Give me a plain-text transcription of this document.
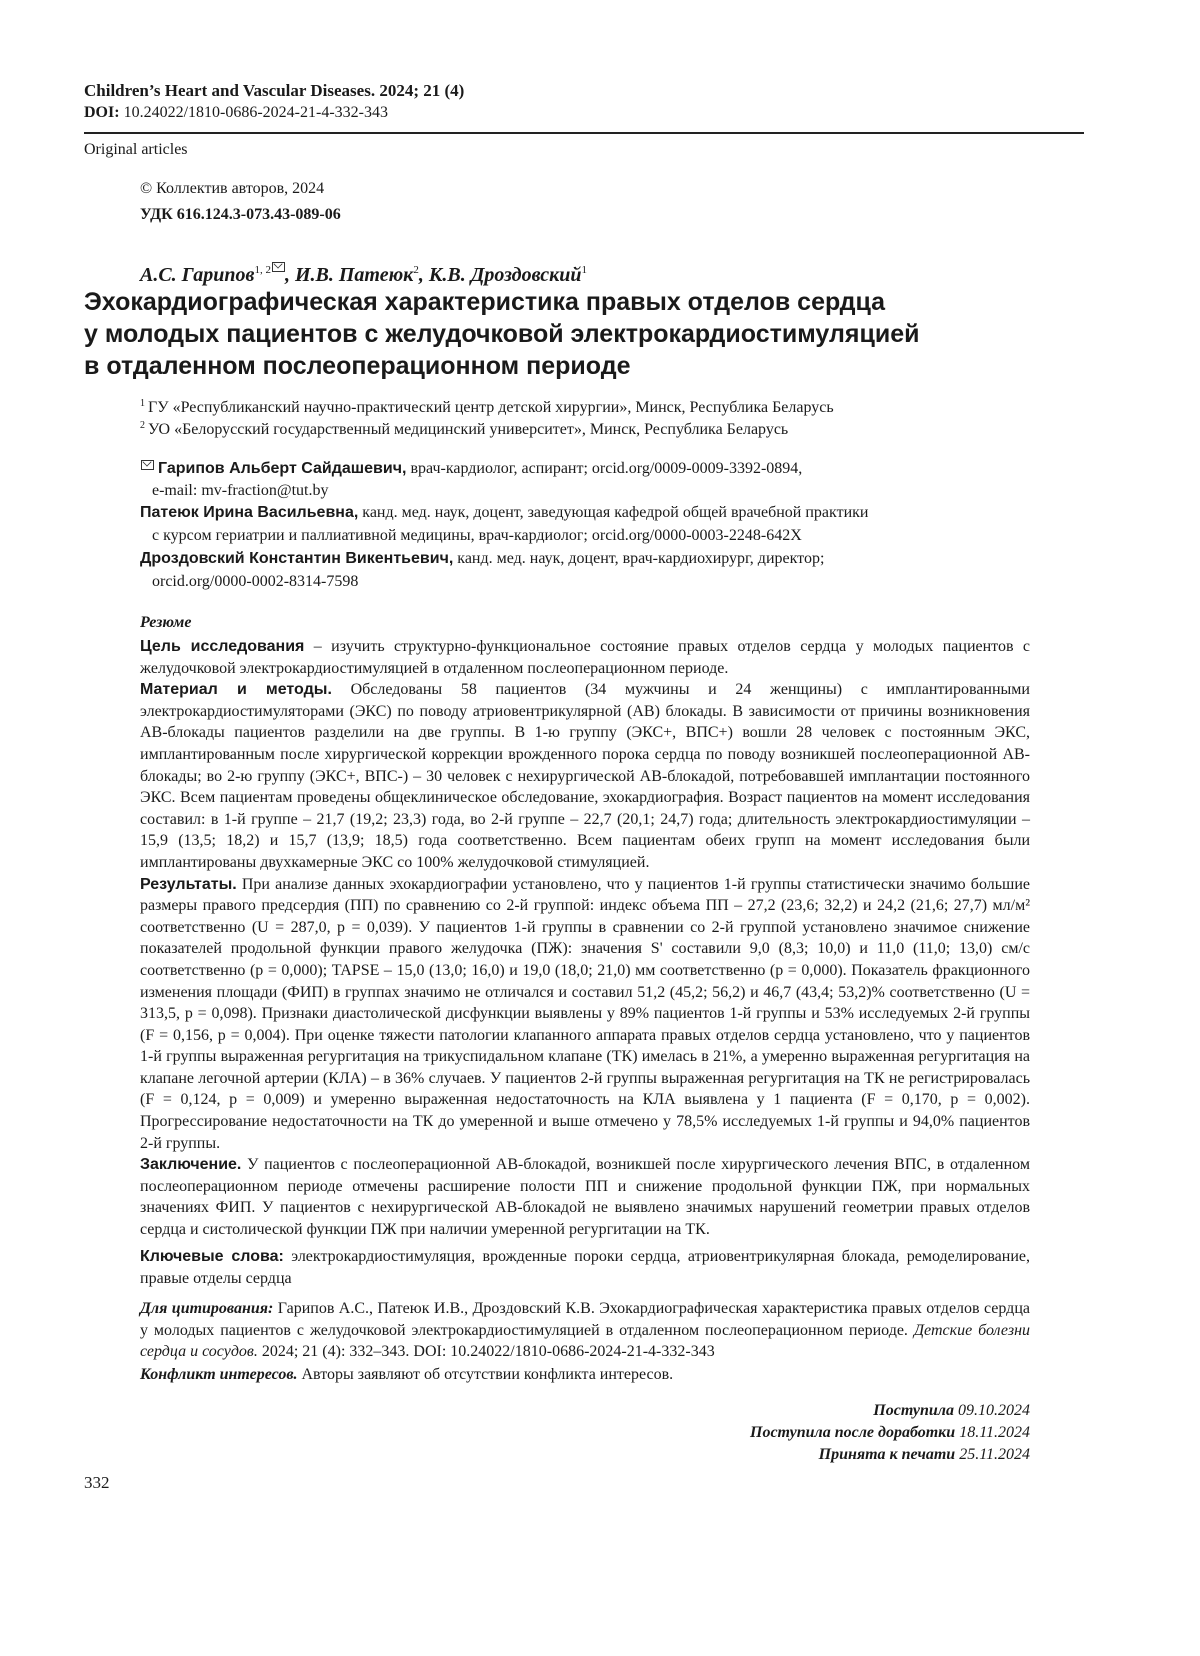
Children’s Heart and Vascular Diseases. 2024; 21 (4)
DOI: 10.24022/1810-0686-2024-21-4-332-343
Original articles
© Коллектив авторов, 2024
УДК 616.124.3-073.43-089-06
А.С. Гарипов1, 2 , И.В. Патеюк2, К.В. Дроздовский1
Эхокардиографическая характеристика правых отделов сердца
у молодых пациентов с желудочковой электрокардиостимуляцией
в отдаленном послеоперационном периоде
1 ГУ «Республиканский научно-практический центр детской хирургии», Минск, Республика Беларусь
2 УО «Белорусский государственный медицинский университет», Минск, Республика Беларусь
Гарипов Альберт Сайдашевич, врач-кардиолог, аспирант; orcid.org/0009-0009-3392-0894,
e-mail: mv-fraction@tut.by
Патеюк Ирина Васильевна, канд. мед. наук, доцент, заведующая кафедрой общей врачебной практики
с курсом гериатрии и паллиативной медицины, врач-кардиолог; orcid.org/0000-0003-2248-642X
Дроздовский Константин Викентьевич, канд. мед. наук, доцент, врач-кардиохирург, директор;
orcid.org/0000-0002-8314-7598
Резюме

Цель исследования – изучить структурно-функциональное состояние правых отделов сердца у молодых пациентов с желудочковой электрокардиостимуляцией в отдаленном послеоперационном периоде.

Материал и методы. Обследованы 58 пациентов (34 мужчины и 24 женщины) с имплантированными электрокардиостимуляторами (ЭКС) по поводу атриовентрикулярной (АВ) блокады. В зависимости от причины возникновения АВ-блокады пациентов разделили на две группы. В 1-ю группу (ЭКС+, ВПС+) вошли 28 человек с постоянным ЭКС, имплантированным после хирургической коррекции врожденного порока сердца по поводу возникшей послеоперационной АВ-блокады; во 2-ю группу (ЭКС+, ВПС-) – 30 человек с нехирургической АВ-блокадой, потребовавшей имплантации постоянного ЭКС. Всем пациентам проведены общеклиническое обследование, эхокардиография. Возраст пациентов на момент исследования составил: в 1-й группе – 21,7 (19,2; 23,3) года, во 2-й группе – 22,7 (20,1; 24,7) года; длительность электрокардиостимуляции – 15,9 (13,5; 18,2) и 15,7 (13,9; 18,5) года соответственно. Всем пациентам обеих групп на момент исследования были имплантированы двухкамерные ЭКС со 100% желудочковой стимуляцией.

Результаты. При анализе данных эхокардиографии установлено, что у пациентов 1-й группы статистически значимо большие размеры правого предсердия (ПП) по сравнению со 2-й группой: индекс объема ПП – 27,2 (23,6; 32,2) и 24,2 (21,6; 27,7) мл/м² соответственно (U = 287,0, p = 0,039). У пациентов 1-й группы в сравнении со 2-й группой установлено значимое снижение показателей продольной функции правого желудочка (ПЖ): значения S' составили 9,0 (8,3; 10,0) и 11,0 (11,0; 13,0) см/с соответственно (p = 0,000); TAPSE – 15,0 (13,0; 16,0) и 19,0 (18,0; 21,0) мм соответственно (p = 0,000). Показатель фракционного изменения площади (ФИП) в группах значимо не отличался и составил 51,2 (45,2; 56,2) и 46,7 (43,4; 53,2)% соответственно (U = 313,5, p = 0,098). Признаки диастолической дисфункции выявлены у 89% пациентов 1-й группы и 53% исследуемых 2-й группы (F = 0,156, p = 0,004). При оценке тяжести патологии клапанного аппарата правых отделов сердца установлено, что у пациентов 1-й группы выраженная регургитация на трикуспидальном клапане (ТК) имелась в 21%, а умеренно выраженная регургитация на клапане легочной артерии (КЛА) – в 36% случаев. У пациентов 2-й группы выраженная регургитация на ТК не регистрировалась (F = 0,124, p = 0,009) и умеренно выраженная недостаточность на КЛА выявлена у 1 пациента (F = 0,170, p = 0,002). Прогрессирование недостаточности на ТК до умеренной и выше отмечено у 78,5% исследуемых 1-й группы и 94,0% пациентов 2-й группы.

Заключение. У пациентов с послеоперационной АВ-блокадой, возникшей после хирургического лечения ВПС, в отдаленном послеоперационном периоде отмечены расширение полости ПП и снижение продольной функции ПЖ, при нормальных значениях ФИП. У пациентов с нехирургической АВ-блокадой не выявлено значимых нарушений геометрии правых отделов сердца и систолической функции ПЖ при наличии умеренной регургитации на ТК.

Ключевые слова: электрокардиостимуляция, врожденные пороки сердца, атриовентрикулярная блокада, ремоделирование, правые отделы сердца
Для цитирования: Гарипов А.С., Патеюк И.В., Дроздовский К.В. Эхокардиографическая характеристика правых отделов сердца у молодых пациентов с желудочковой электрокардиостимуляцией в отдаленном послеоперационном периоде. Детские болезни сердца и сосудов. 2024; 21 (4): 332–343. DOI: 10.24022/1810-0686-2024-21-4-332-343
Конфликт интересов. Авторы заявляют об отсутствии конфликта интересов.
Поступила 09.10.2024
Поступила после доработки 18.11.2024
Принята к печати 25.11.2024
332
